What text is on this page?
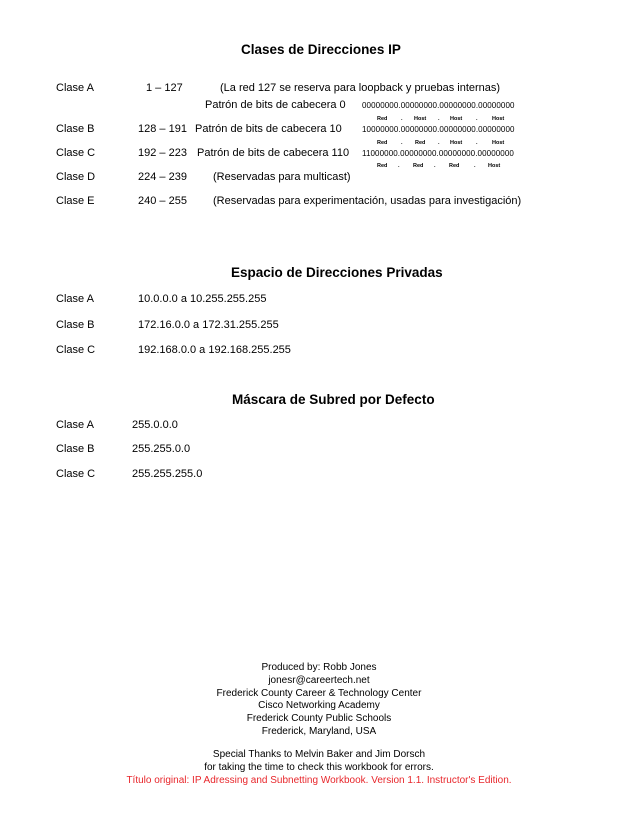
Clases de Direcciones IP
Clase A	1 – 127	(La red 127 se reserva para loopback y pruebas internas)
Patrón de bits de cabecera 0 00000000.00000000.00000000.00000000
Red . Host . Host	.	Host
Clase B	128 – 191 Patrón de bits de cabecera 10	10000000.00000000.00000000.00000000
Red . Red . Host	.	Host
Clase C	192 – 223 Patrón de bits de cabecera 110 11000000.00000000.00000000.00000000
Red . Red . Red	. Host
Clase D	224 – 239 (Reservadas para multicast)
Clase E	240 – 255 (Reservadas para experimentación, usadas para investigación)
Espacio de Direcciones Privadas
Clase A	10.0.0.0 a 10.255.255.255
Clase B	172.16.0.0 a 172.31.255.255
Clase C	192.168.0.0 a 192.168.255.255
Máscara de Subred por Defecto
Clase A	255.0.0.0
Clase B	255.255.0.0
Clase C	255.255.255.0
Produced by: Robb Jones
jonesr@careertech.net
Frederick County Career & Technology Center
Cisco Networking Academy
Frederick County Public Schools
Frederick, Maryland, USA
Special Thanks to Melvin Baker and Jim Dorsch
for taking the time to check this workbook for errors.
Título original: IP Adressing and Subnetting Workbook. Version 1.1. Instructor's Edition.
